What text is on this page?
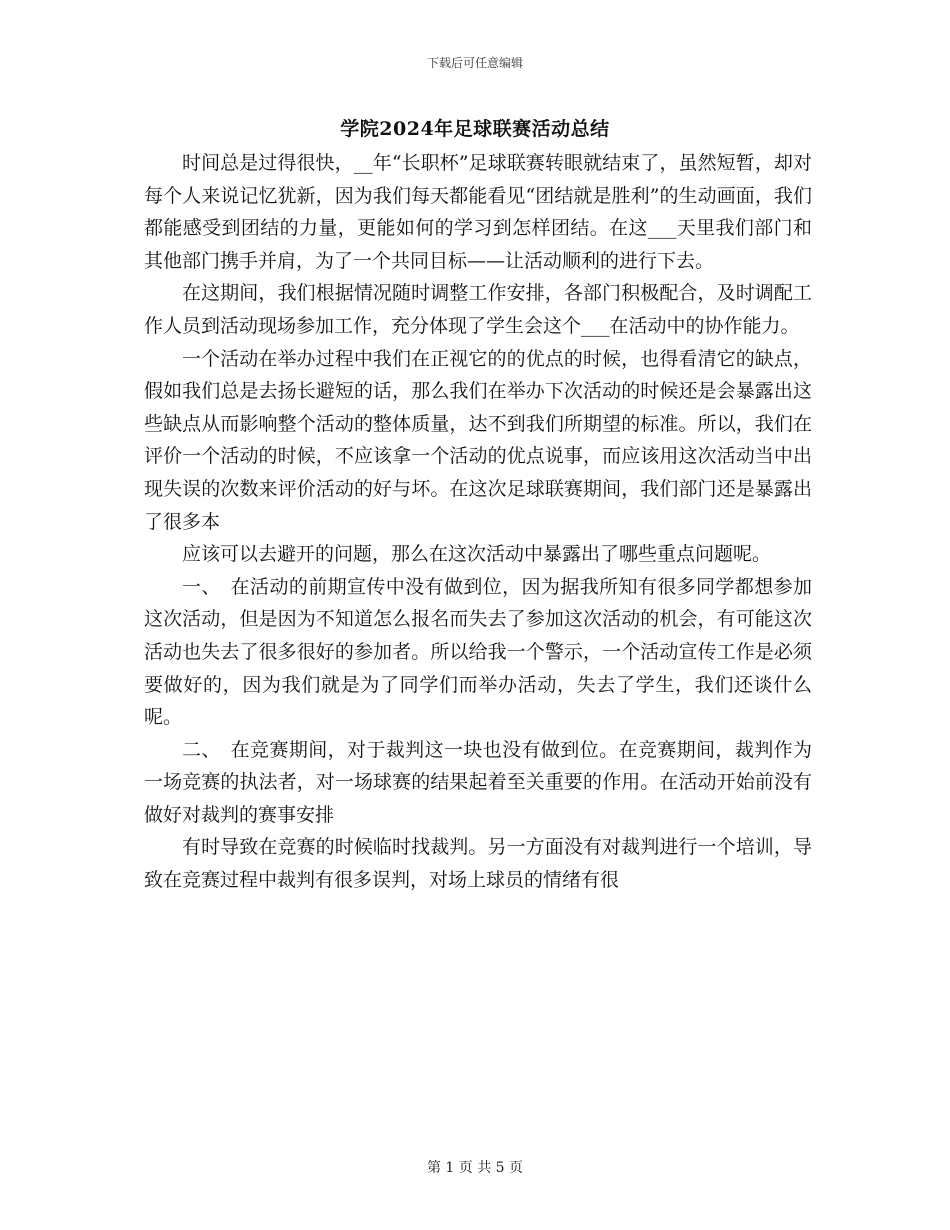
下载后可任意编辑
学院2024年足球联赛活动总结

时间总是过得很快，__年“长职杯”足球联赛转眼就结束了，虽然短暂，却对每个人来说记忆犹新，因为我们每天都能看见“团结就是胜利”的生动画面，我们都能感受到团结的力量，更能如何的学习到怎样团结。在这___天里我们部门和其他部门携手并肩，为了一个共同目标——让活动顺利的进行下去。

在这期间，我们根据情况随时调整工作安排，各部门积极配合，及时调配工作人员到活动现场参加工作，充分体现了学生会这个___在活动中的协作能力。

一个活动在举办过程中我们在正视它的的优点的时候，也得看清它的缺点，假如我们总是去扬长避短的话，那么我们在举办下次活动的时候还是会暴露出这些缺点从而影响整个活动的整体质量，达不到我们所期望的标准。所以，我们在评价一个活动的时候，不应该拿一个活动的优点说事，而应该用这次活动当中出现失误的次数来评价活动的好与坏。在这次足球联赛期间，我们部门还是暴露出了很多本

应该可以去避开的问题，那么在这次活动中暴露出了哪些重点问题呢。

一、　在活动的前期宣传中没有做到位，因为据我所知有很多同学都想参加这次活动，但是因为不知道怎么报名而失去了参加这次活动的机会，有可能这次活动也失去了很多很好的参加者。所以给我一个警示，一个活动宣传工作是必须要做好的，因为我们就是为了同学们而举办活动，失去了学生，我们还谈什么呢。

二、　在竞赛期间，对于裁判这一块也没有做到位。在竞赛期间，裁判作为一场竞赛的执法者，对一场球赛的结果起着至关重要的作用。在活动开始前没有做好对裁判的赛事安排

有时导致在竞赛的时候临时找裁判。另一方面没有对裁判进行一个培训，导致在竞赛过程中裁判有很多误判，对场上球员的情绪有很

第 1 页 共 5 页
